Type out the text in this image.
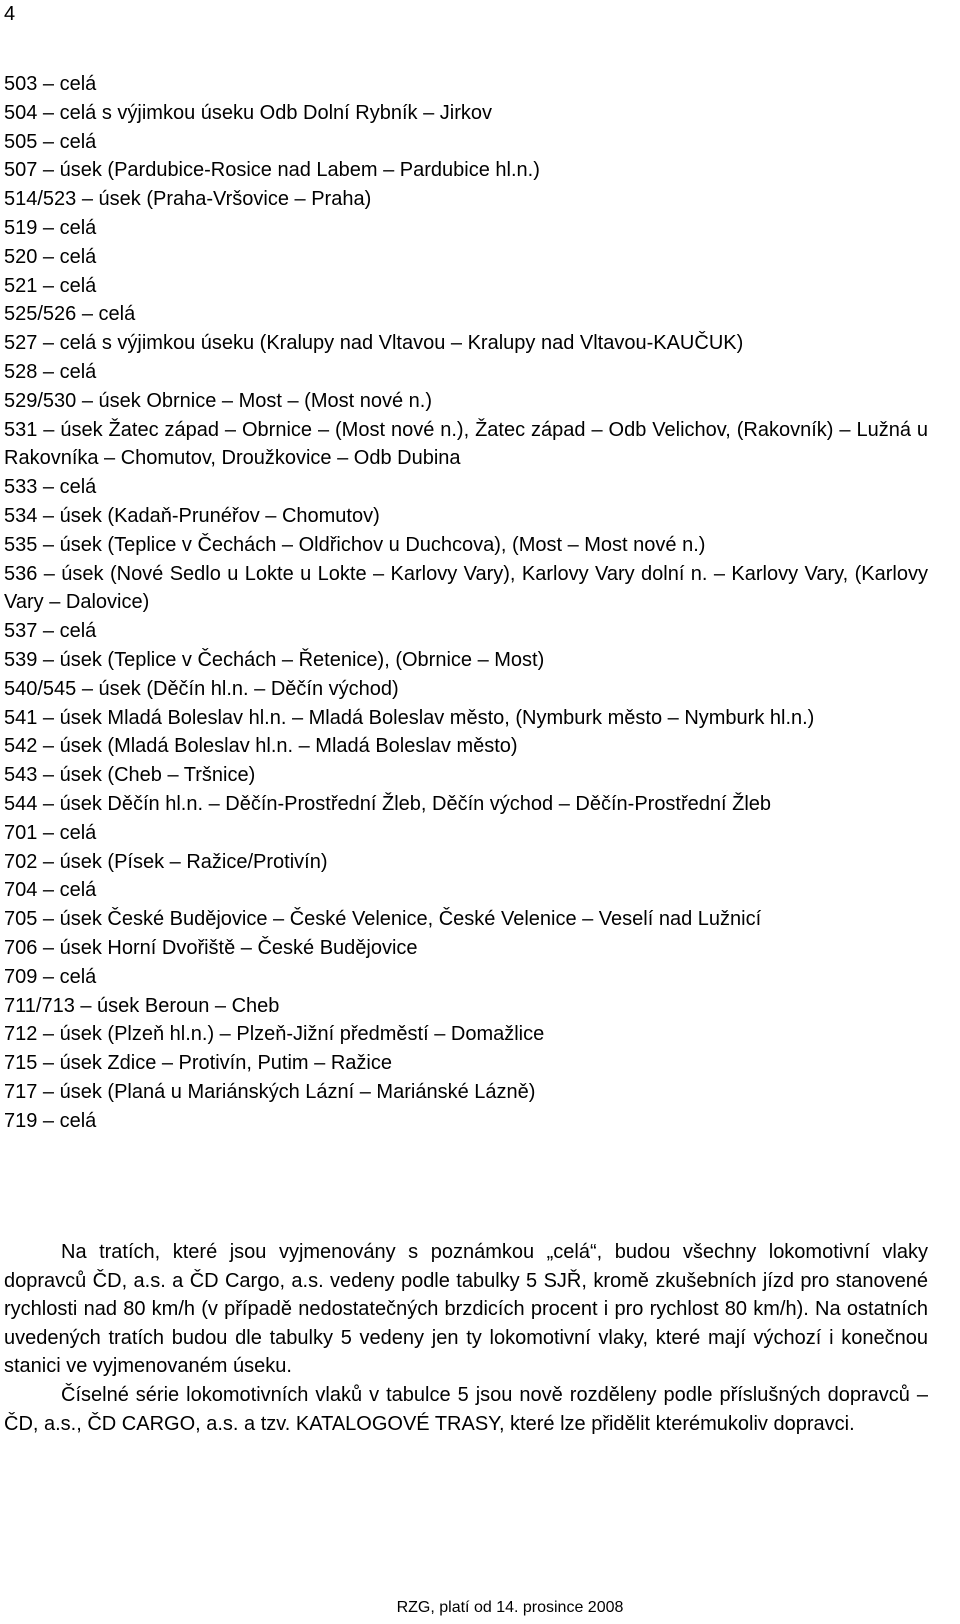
4
503 – celá
504 – celá s výjimkou úseku Odb Dolní Rybník – Jirkov
505 – celá
507 – úsek (Pardubice-Rosice nad Labem – Pardubice hl.n.)
514/523 – úsek (Praha-Vršovice – Praha)
519 – celá
520 – celá
521 – celá
525/526 – celá
527 – celá s výjimkou úseku (Kralupy nad Vltavou – Kralupy nad Vltavou-KAUČUK)
528 – celá
529/530 – úsek Obrnice – Most – (Most nové n.)
531 – úsek Žatec západ – Obrnice – (Most nové n.), Žatec západ – Odb Velichov, (Rakovník) – Lužná u Rakovníka – Chomutov, Droužkovice – Odb Dubina
533 – celá
534 – úsek (Kadaň-Prunéřov – Chomutov)
535 – úsek (Teplice v Čechách – Oldřichov u Duchcova), (Most – Most nové n.)
536 – úsek (Nové Sedlo u Lokte u Lokte – Karlovy Vary), Karlovy Vary dolní n. – Karlovy Vary, (Karlovy Vary – Dalovice)
537 – celá
539 – úsek (Teplice v Čechách – Řetenice), (Obrnice – Most)
540/545 – úsek (Děčín hl.n. – Děčín východ)
541 – úsek Mladá Boleslav hl.n. – Mladá Boleslav město, (Nymburk město – Nymburk hl.n.)
542 – úsek (Mladá Boleslav hl.n. – Mladá Boleslav město)
543 – úsek (Cheb – Tršnice)
544 – úsek Děčín hl.n. – Děčín-Prostřední Žleb, Děčín východ – Děčín-Prostřední Žleb
701 – celá
702 – úsek (Písek – Ražice/Protivín)
704 – celá
705 – úsek České Budějovice – České Velenice, České Velenice – Veselí nad Lužnicí
706 – úsek Horní Dvořiště – České Budějovice
709 – celá
711/713 – úsek Beroun – Cheb
712 – úsek (Plzeň hl.n.) – Plzeň-Jižní předměstí – Domažlice
715 – úsek Zdice – Protivín, Putim – Ražice
717 – úsek (Planá u Mariánských Lázní – Mariánské Lázně)
719 – celá

Na tratích, které jsou vyjmenovány s poznámkou „celá“, budou všechny lokomotivní vlaky dopravců ČD, a.s. a ČD Cargo, a.s. vedeny podle tabulky 5 SJŘ, kromě zkušebních jízd pro stanovené rychlosti nad 80 km/h (v případě nedostatečných brzdicích procent i pro rychlost 80 km/h). Na ostatních uvedených tratích budou dle tabulky 5 vedeny jen ty lokomotivní vlaky, které mají výchozí i konečnou stanici ve vyjmenovaném úseku.

Číselné série lokomotivních vlaků v tabulce 5 jsou nově rozděleny podle příslušných dopravců – ČD, a.s., ČD CARGO, a.s. a tzv. KATALOGOVÉ TRASY, které lze přidělit kterémukoliv dopravci.

RZG, platí od 14. prosince 2008
